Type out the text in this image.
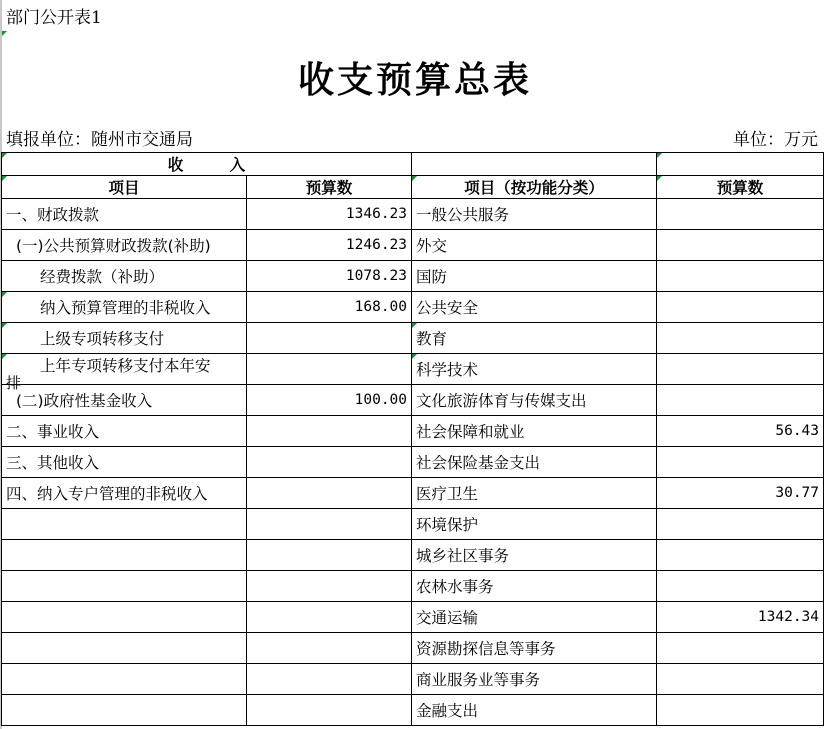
部门公开表1
收支预算总表
填报单位：随州市交通局	单位：万元
收　　　入			

项目	预算数	项目（按功能分类）	预算数
一、财政拨款	1346.23	一般公共服务	
(一)公共预算财政拨款(补助)	1246.23	外交	
经费拨款（补助）	1078.23	国防	

纳入预算管理的非税收入	168.00	公共安全	

上级专项转移支付		教育	

上年专项转移支付本年安
排		科学技术	
(二)政府性基金收入	100.00	文化旅游体育与传媒支出	
二、事业收入		社会保障和就业	56.43
三、其他收入		社会保险基金支出	
四、纳入专户管理的非税收入		医疗卫生	30.77
		环境保护	
		城乡社区事务	
		农林水事务	
		交通运输	1342.34
		资源勘探信息等事务	
		商业服务业等事务	
		金融支出	
